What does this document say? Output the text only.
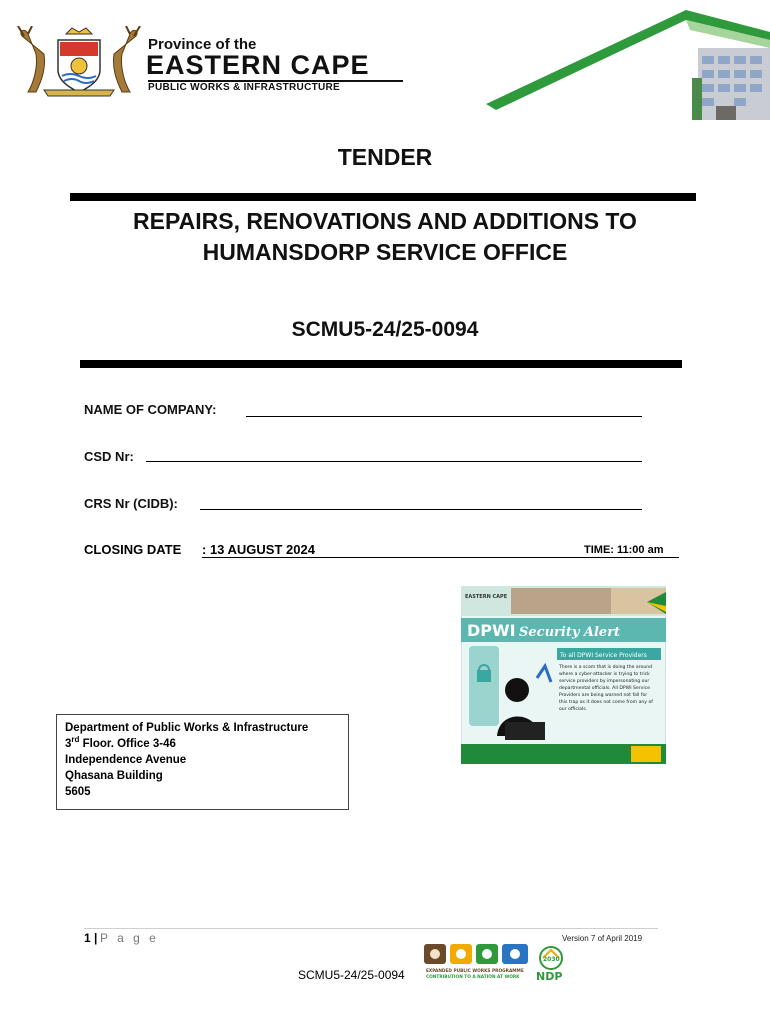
Province of the
EASTERN CAPE
PUBLIC WORKS & INFRASTRUCTURE
TENDER
REPAIRS, RENOVATIONS AND ADDITIONS TO
HUMANSDORP SERVICE OFFICE
SCMU5-24/25-0094
NAME OF COMPANY:
CSD Nr:
CRS Nr (CIDB):
CLOSING DATE : 13 AUGUST 2024	TIME: 11:00 am
DPWI Security Alert
EASTERN CAPE
To all DPWI Service Providers
There is a scam that is doing the around
where a cyber-attacker is trying to trick
service providers by impersonating our
departmental officials. All DPWI Service
Providers are being warned not fall for
this trap as it does not come from any of
our officials.
Department of Public Works & Infrastructure
3rd Floor. Office 3-46
Independence Avenue
Qhasana Building
5605
1 | P a g e	Version 7 of April 2019
SCMU5-24/25-0094	EXPANDED PUBLIC WORKS PROGRAMME
CONTRIBUTION TO A NATION AT WORK
2030
NDP
